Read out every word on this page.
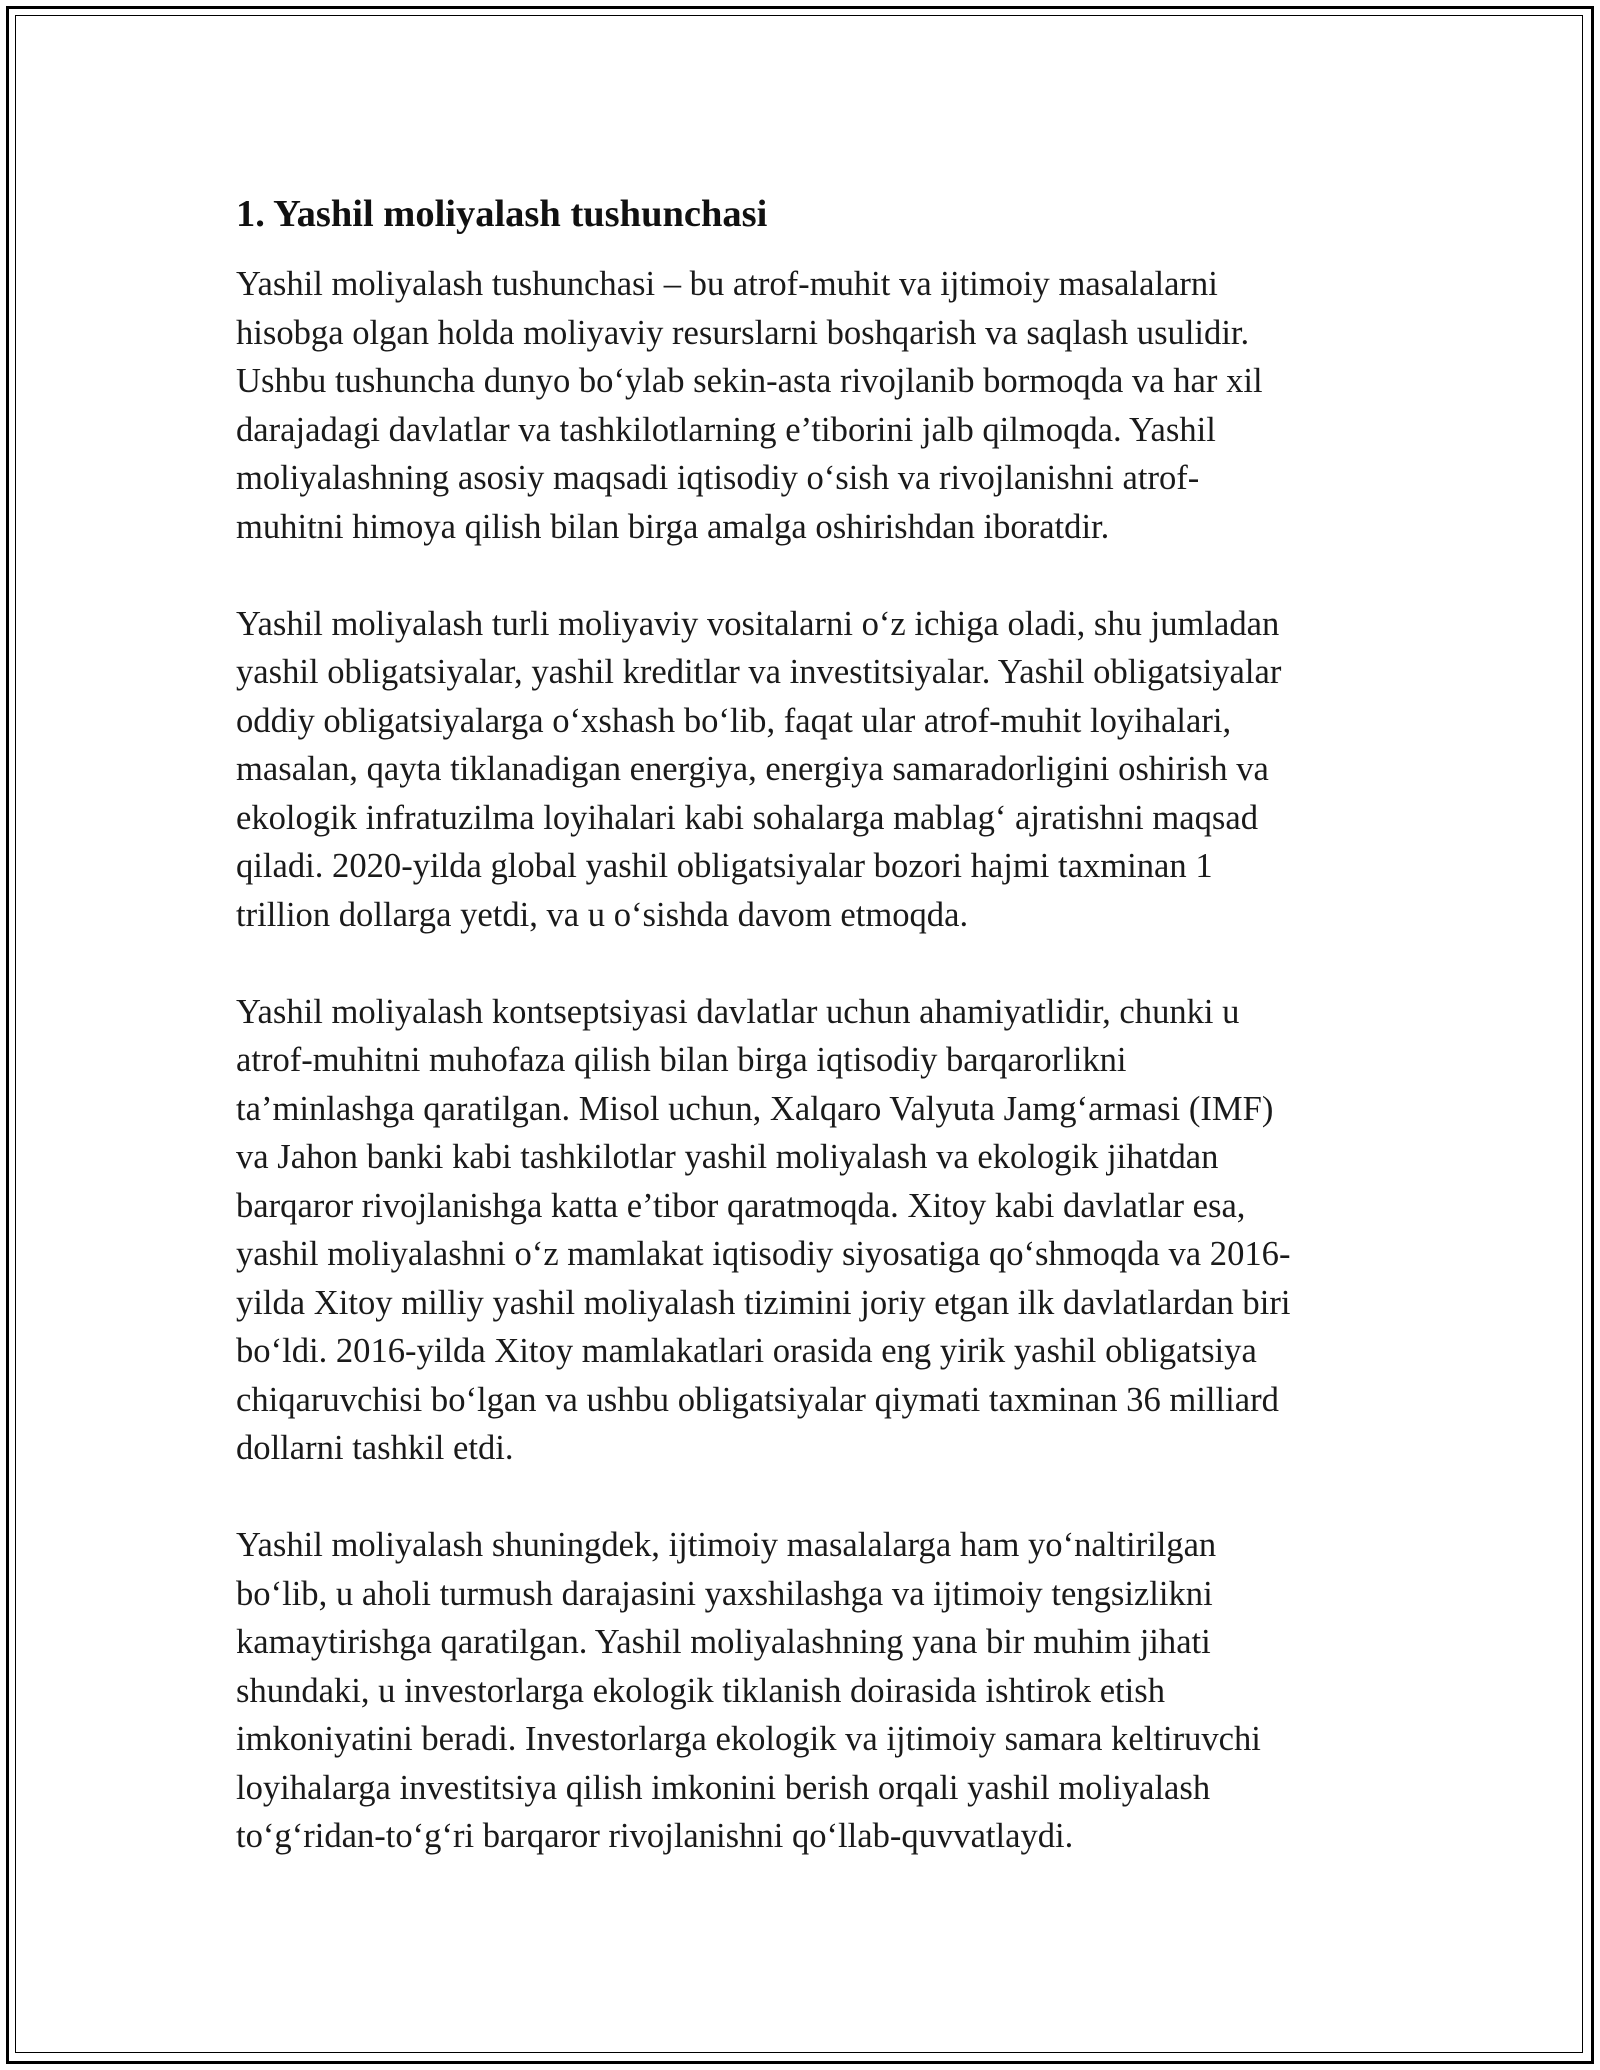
1. Yashil moliyalash tushunchasi

Yashil moliyalash tushunchasi – bu atrof-muhit va ijtimoiy masalalarni
hisobga olgan holda moliyaviy resurslarni boshqarish va saqlash usulidir.
Ushbu tushuncha dunyo bo‘ylab sekin-asta rivojlanib bormoqda va har xil
darajadagi davlatlar va tashkilotlarning e’tiborini jalb qilmoqda. Yashil
moliyalashning asosiy maqsadi iqtisodiy o‘sish va rivojlanishni atrof-
muhitni himoya qilish bilan birga amalga oshirishdan iboratdir.

Yashil moliyalash turli moliyaviy vositalarni o‘z ichiga oladi, shu jumladan
yashil obligatsiyalar, yashil kreditlar va investitsiyalar. Yashil obligatsiyalar
oddiy obligatsiyalarga o‘xshash bo‘lib, faqat ular atrof-muhit loyihalari,
masalan, qayta tiklanadigan energiya, energiya samaradorligini oshirish va
ekologik infratuzilma loyihalari kabi sohalarga mablag‘ ajratishni maqsad
qiladi. 2020-yilda global yashil obligatsiyalar bozori hajmi taxminan 1
trillion dollarga yetdi, va u o‘sishda davom etmoqda.

Yashil moliyalash kontseptsiyasi davlatlar uchun ahamiyatlidir, chunki u
atrof-muhitni muhofaza qilish bilan birga iqtisodiy barqarorlikni
ta’minlashga qaratilgan. Misol uchun, Xalqaro Valyuta Jamg‘armasi (IMF)
va Jahon banki kabi tashkilotlar yashil moliyalash va ekologik jihatdan
barqaror rivojlanishga katta e’tibor qaratmoqda. Xitoy kabi davlatlar esa,
yashil moliyalashni o‘z mamlakat iqtisodiy siyosatiga qo‘shmoqda va 2016-
yilda Xitoy milliy yashil moliyalash tizimini joriy etgan ilk davlatlardan biri
bo‘ldi. 2016-yilda Xitoy mamlakatlari orasida eng yirik yashil obligatsiya
chiqaruvchisi bo‘lgan va ushbu obligatsiyalar qiymati taxminan 36 milliard
dollarni tashkil etdi.

Yashil moliyalash shuningdek, ijtimoiy masalalarga ham yo‘naltirilgan
bo‘lib, u aholi turmush darajasini yaxshilashga va ijtimoiy tengsizlikni
kamaytirishga qaratilgan. Yashil moliyalashning yana bir muhim jihati
shundaki, u investorlarga ekologik tiklanish doirasida ishtirok etish
imkoniyatini beradi. Investorlarga ekologik va ijtimoiy samara keltiruvchi
loyihalarga investitsiya qilish imkonini berish orqali yashil moliyalash
to‘g‘ridan-to‘g‘ri barqaror rivojlanishni qo‘llab-quvvatlaydi.
